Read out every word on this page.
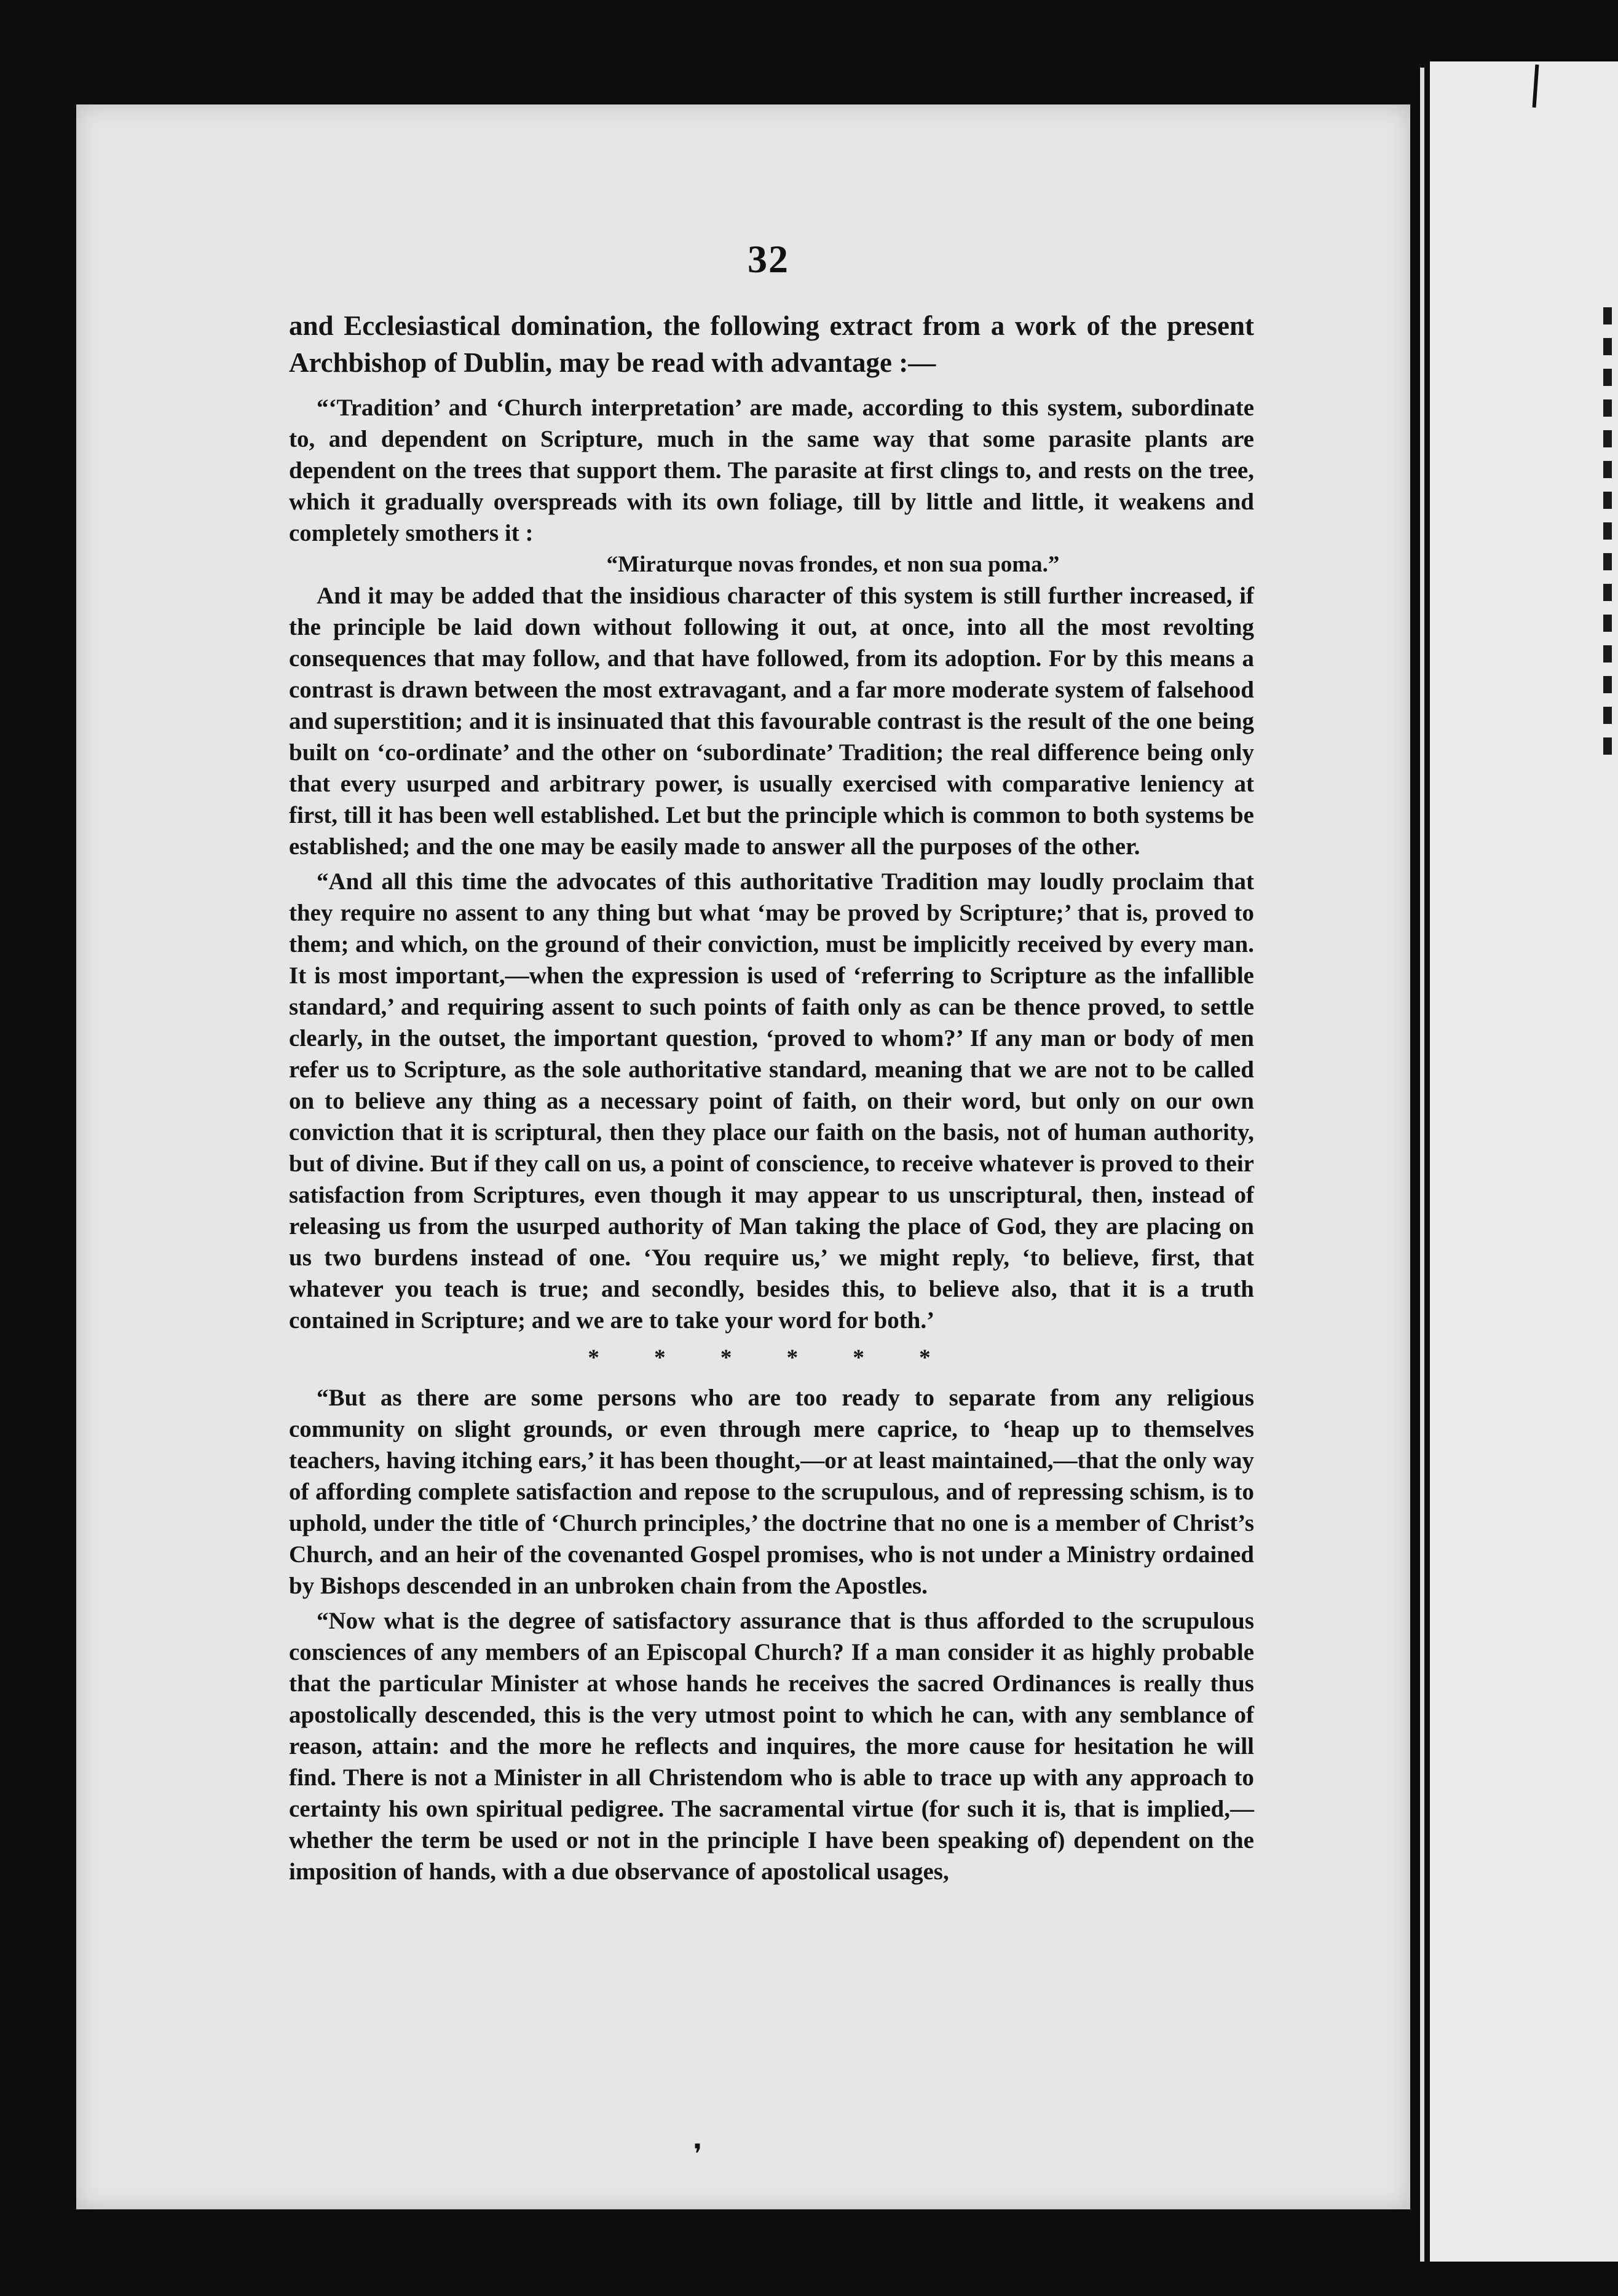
32

and Ecclesiastical domination, the following extract from a work of the present Archbishop of Dublin, may be read with advantage :—

“‘Tradition’ and ‘Church interpretation’ are made, according to this system, subordinate to, and dependent on Scripture, much in the same way that some parasite plants are dependent on the trees that support them. The parasite at first clings to, and rests on the tree, which it gradually overspreads with its own foliage, till by little and little, it weakens and completely smothers it :

“Miraturque novas frondes, et non sua poma.”

And it may be added that the insidious character of this system is still further increased, if the principle be laid down without following it out, at once, into all the most revolting consequences that may follow, and that have followed, from its adoption. For by this means a contrast is drawn between the most extravagant, and a far more moderate system of falsehood and superstition; and it is insinuated that this favourable contrast is the result of the one being built on ‘co-ordinate’ and the other on ‘subordinate’ Tradition; the real difference being only that every usurped and arbitrary power, is usually exercised with comparative leniency at first, till it has been well established. Let but the principle which is common to both systems be established; and the one may be easily made to answer all the purposes of the other.

“And all this time the advocates of this authoritative Tradition may loudly proclaim that they require no assent to any thing but what ‘may be proved by Scripture;’ that is, proved to them; and which, on the ground of their conviction, must be implicitly received by every man. It is most important,—when the expression is used of ‘referring to Scripture as the infallible standard,’ and requiring assent to such points of faith only as can be thence proved, to settle clearly, in the outset, the important question, ‘proved to whom?’ If any man or body of men refer us to Scripture, as the sole authoritative standard, meaning that we are not to be called on to believe any thing as a necessary point of faith, on their word, but only on our own conviction that it is scriptural, then they place our faith on the basis, not of human authority, but of divine. But if they call on us, a point of conscience, to receive whatever is proved to their satisfaction from Scriptures, even though it may appear to us unscriptural, then, instead of releasing us from the usurped authority of Man taking the place of God, they are placing on us two burdens instead of one. ‘You require us,’ we might reply, ‘to believe, first, that whatever you teach is true; and secondly, besides this, to believe also, that it is a truth contained in Scripture; and we are to take your word for both.’

* * * * * *

“But as there are some persons who are too ready to separate from any religious community on slight grounds, or even through mere caprice, to ‘heap up to themselves teachers, having itching ears,’ it has been thought,—or at least maintained,—that the only way of affording complete satisfaction and repose to the scrupulous, and of repressing schism, is to uphold, under the title of ‘Church principles,’ the doctrine that no one is a member of Christ’s Church, and an heir of the covenanted Gospel promises, who is not under a Ministry ordained by Bishops descended in an unbroken chain from the Apostles.

“Now what is the degree of satisfactory assurance that is thus afforded to the scrupulous consciences of any members of an Episcopal Church? If a man consider it as highly probable that the particular Minister at whose hands he receives the sacred Ordinances is really thus apostolically descended, this is the very utmost point to which he can, with any semblance of reason, attain: and the more he reflects and inquires, the more cause for hesitation he will find. There is not a Minister in all Christendom who is able to trace up with any approach to certainty his own spiritual pedigree. The sacramental virtue (for such it is, that is implied,—whether the term be used or not in the principle I have been speaking of) dependent on the imposition of hands, with a due observance of apostolical usages,

❜
